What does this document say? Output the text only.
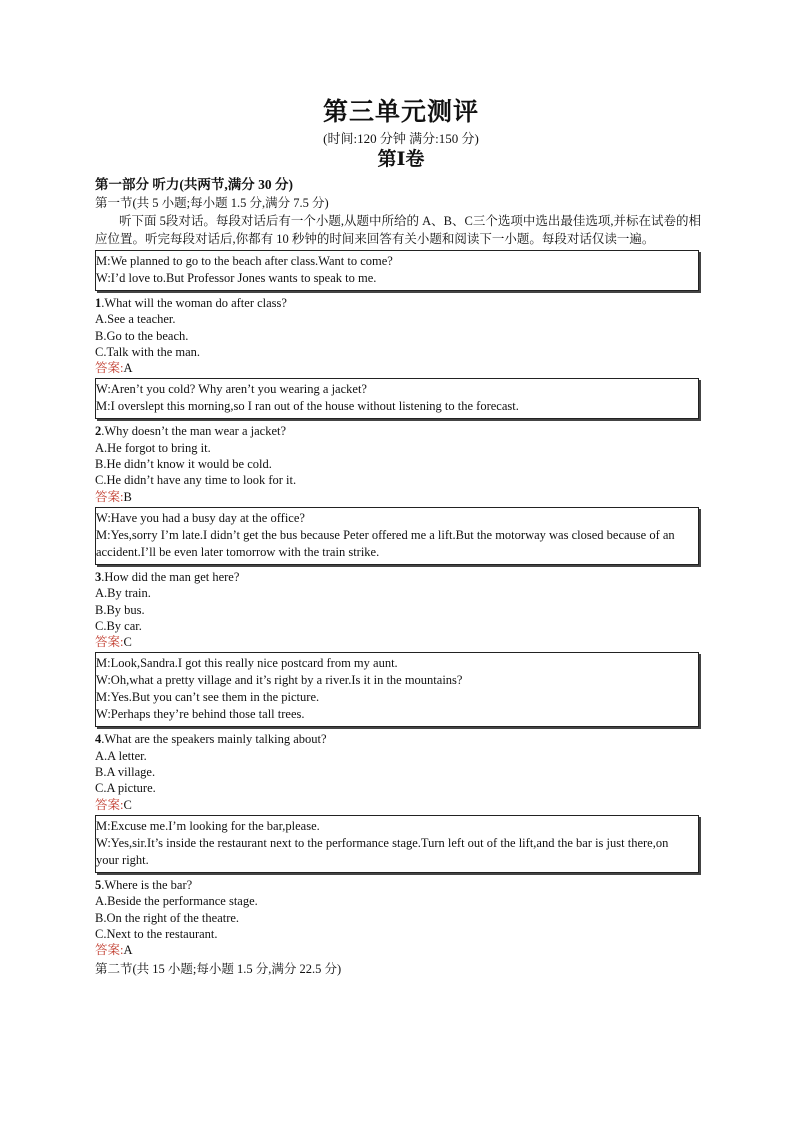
第三单元测评
(时间:120 分钟 满分:150 分)
第Ⅰ卷
第一部分 听力(共两节,满分 30 分)
第一节(共 5 小题;每小题 1.5 分,满分 7.5 分)

听下面 5段对话。每段对话后有一个小题,从题中所给的 A、B、C三个选项中选出最佳选项,并标在试卷的相应位置。听完每段对话后,你都有 10 秒钟的时间来回答有关小题和阅读下一小题。每段对话仅读一遍。

M:We planned to go to the beach after class.Want to come?
W:I’d love to.But Professor Jones wants to speak to me.
1.What will the woman do after class?
A.See a teacher.
B.Go to the beach.
C.Talk with the man.
答案:A
W:Aren’t you cold? Why aren’t you wearing a jacket?
M:I overslept this morning,so I ran out of the house without listening to the forecast.
2.Why doesn’t the man wear a jacket?
A.He forgot to bring it.
B.He didn’t know it would be cold.
C.He didn’t have any time to look for it.
答案:B
W:Have you had a busy day at the office?
M:Yes,sorry I’m late.I didn’t get the bus because Peter offered me a lift.But the motorway was closed because of an accident.I’ll be even later tomorrow with the train strike.
3.How did the man get here?
A.By train.
B.By bus.
C.By car.
答案:C
M:Look,Sandra.I got this really nice postcard from my aunt.
W:Oh,what a pretty village and it’s right by a river.Is it in the mountains?
M:Yes.But you can’t see them in the picture.
W:Perhaps they’re behind those tall trees.
4.What are the speakers mainly talking about?
A.A letter.
B.A village.
C.A picture.
答案:C
M:Excuse me.I’m looking for the bar,please.
W:Yes,sir.It’s inside the restaurant next to the performance stage.Turn left out of the lift,and the bar is just there,on your right.
5.Where is the bar?
A.Beside the performance stage.
B.On the right of the theatre.
C.Next to the restaurant.
答案:A
第二节(共 15 小题;每小题 1.5 分,满分 22.5 分)
